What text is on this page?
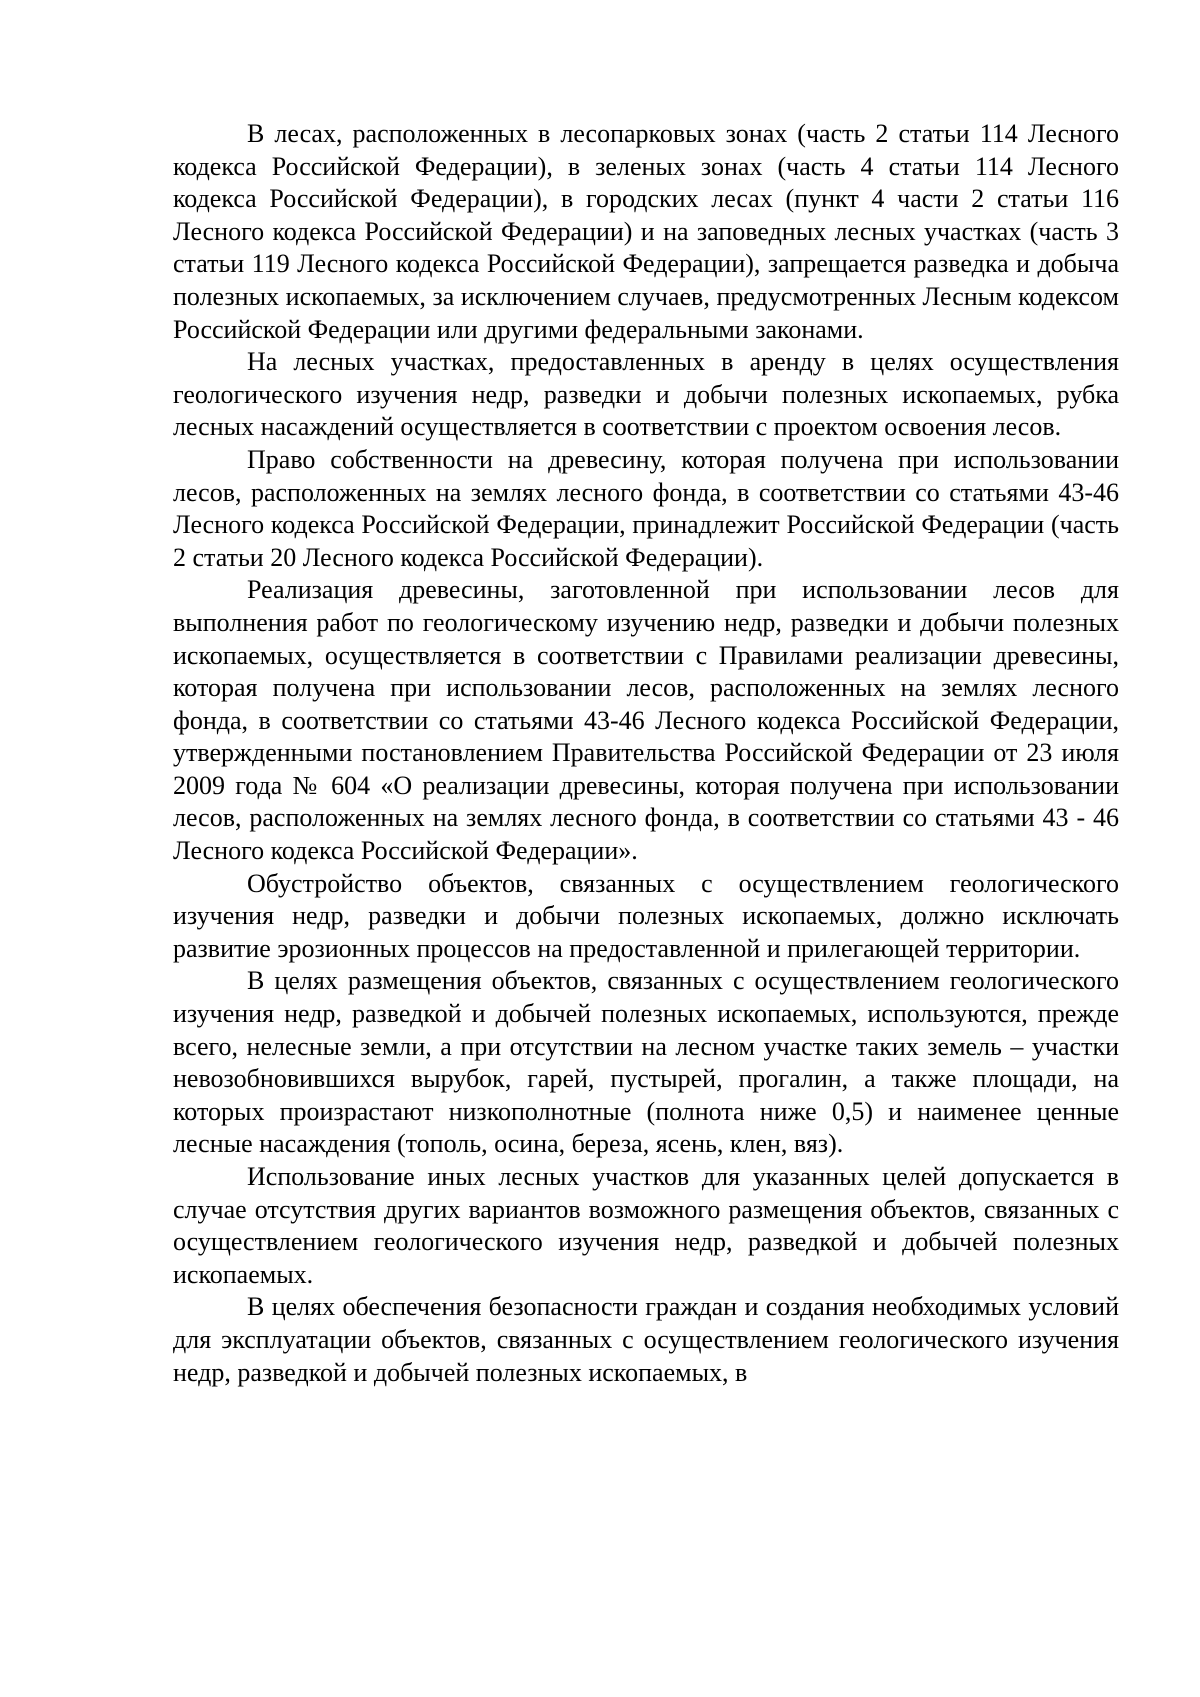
В лесах, расположенных в лесопарковых зонах (часть 2 статьи 114 Лесного кодекса Российской Федерации), в зеленых зонах (часть 4 статьи 114 Лесного кодекса Российской Федерации), в городских лесах (пункт 4 части 2 статьи 116 Лесного кодекса Российской Федерации) и на заповедных лесных участках (часть 3 статьи 119 Лесного кодекса Российской Федерации), запрещается разведка и добыча полезных ископаемых, за исключением случаев, предусмотренных Лесным кодексом Российской Федерации или другими федеральными законами.

На лесных участках, предоставленных в аренду в целях осуществления геологического изучения недр, разведки и добычи полезных ископаемых, рубка лесных насаждений осуществляется в соответствии с проектом освоения лесов.

Право собственности на древесину, которая получена при использовании лесов, расположенных на землях лесного фонда, в соответствии со статьями 43-46 Лесного кодекса Российской Федерации, принадлежит Российской Федерации (часть 2 статьи 20 Лесного кодекса Российской Федерации).

Реализация древесины, заготовленной при использовании лесов для выполнения работ по геологическому изучению недр, разведки и добычи полезных ископаемых, осуществляется в соответствии с Правилами реализации древесины, которая получена при использовании лесов, расположенных на землях лесного фонда, в соответствии со статьями 43-46 Лесного кодекса Российской Федерации, утвержденными постановлением Правительства Российской Федерации от 23 июля 2009 года № 604 «О реализации древесины, которая получена при использовании лесов, расположенных на землях лесного фонда, в соответствии со статьями 43 - 46 Лесного кодекса Российской Федерации».

Обустройство объектов, связанных с осуществлением геологического изучения недр, разведки и добычи полезных ископаемых, должно исключать развитие эрозионных процессов на предоставленной и прилегающей территории.

В целях размещения объектов, связанных с осуществлением геологического изучения недр, разведкой и добычей полезных ископаемых, используются, прежде всего, нелесные земли, а при отсутствии на лесном участке таких земель – участки невозобновившихся вырубок, гарей, пустырей, прогалин, а также площади, на которых произрастают низкополнотные (полнота ниже 0,5) и наименее ценные лесные насаждения (тополь, осина, береза, ясень, клен, вяз).

Использование иных лесных участков для указанных целей допускается в случае отсутствия других вариантов возможного размещения объектов, связанных с осуществлением геологического изучения недр, разведкой и добычей полезных ископаемых.

В целях обеспечения безопасности граждан и создания необходимых условий для эксплуатации объектов, связанных с осуществлением геологического изучения недр, разведкой и добычей полезных ископаемых, в
